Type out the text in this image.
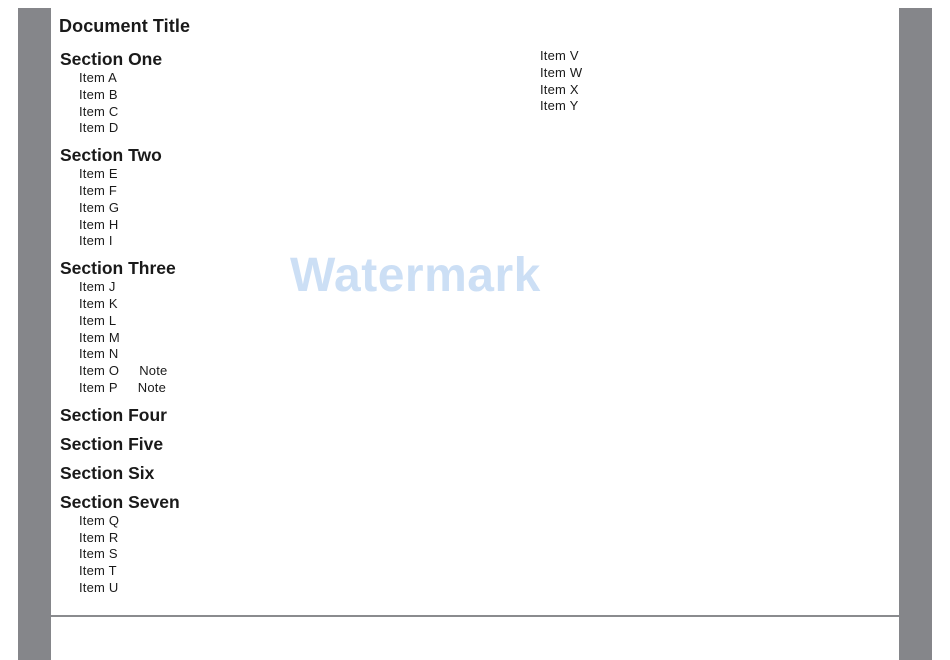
Document Title
Section One
Item A
Item B
Item C
Item D
Section Two
Item E
Item F
Item G
Item H
Item I
Section Three
Item J
Item K
Item L
Item M
Item N
Item O Note
Item P Note
Section Four
Section Five
Section Six
Section Seven
Item Q
Item R
Item S
Item T
Item U
Item V
Item W
Item X
Item Y
Watermark
